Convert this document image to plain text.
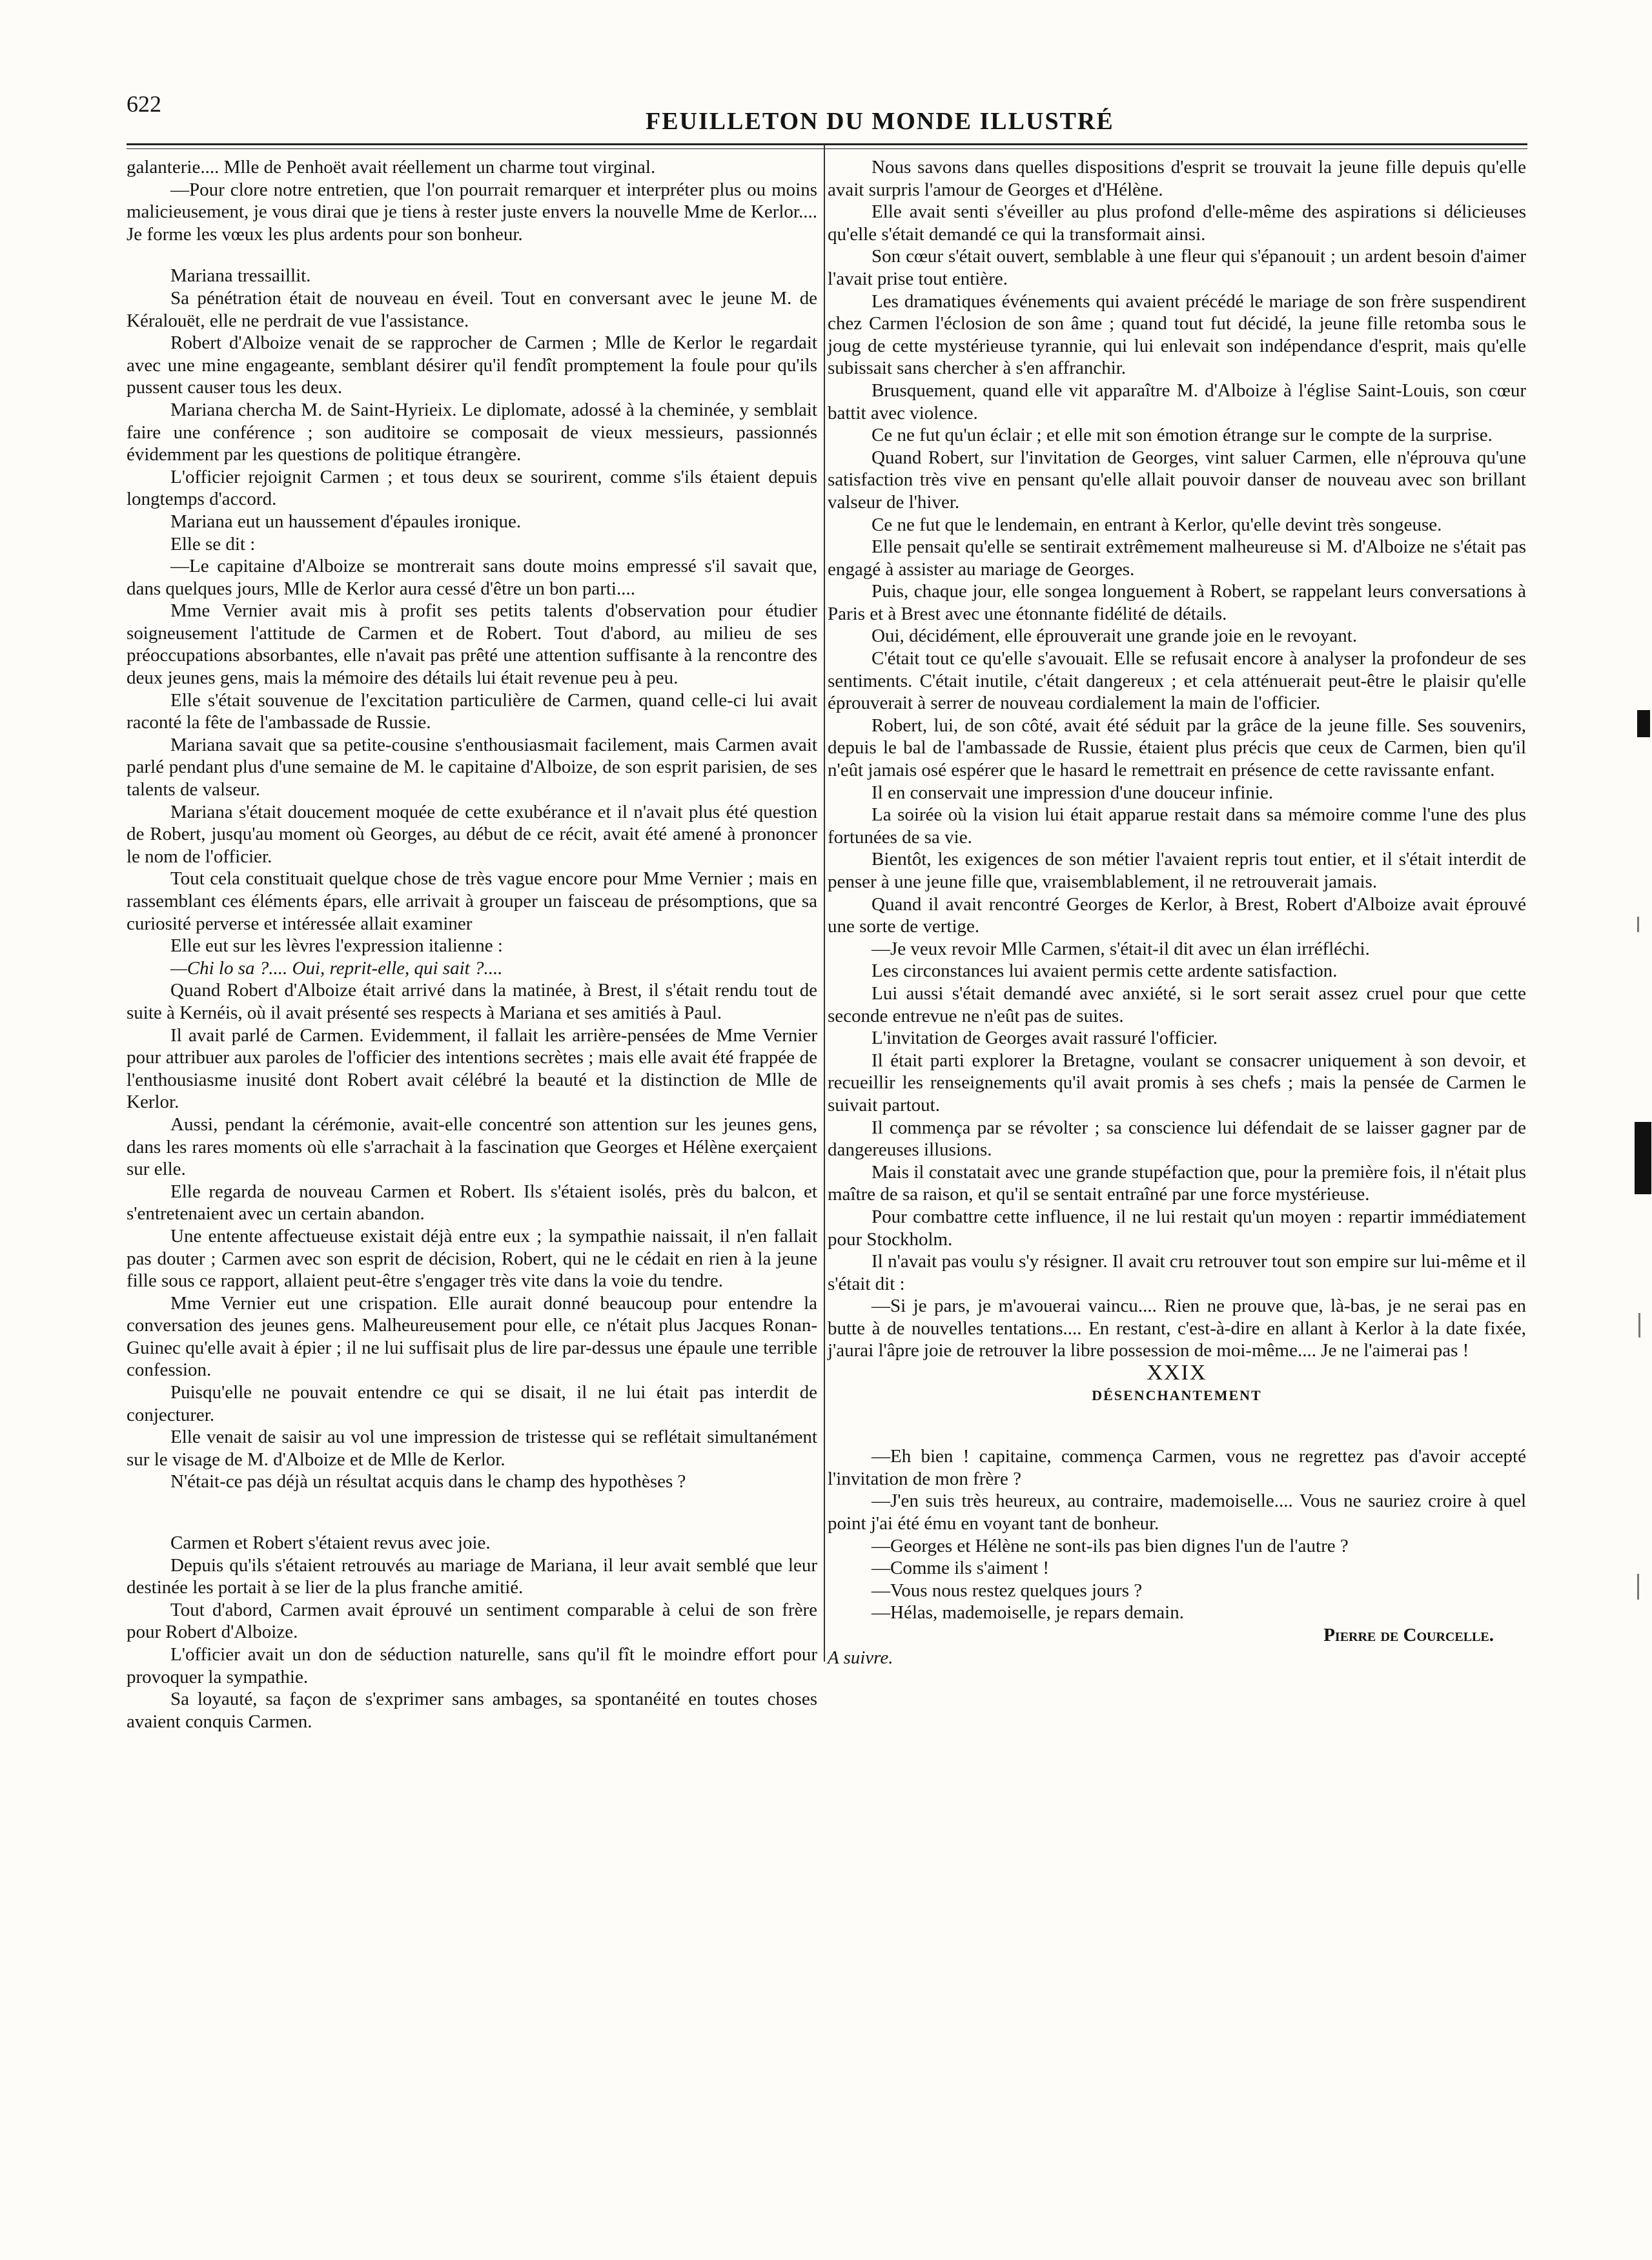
622
FEUILLETON DU MONDE ILLUSTRÉ

galanterie.... Mlle de Penhoët avait réellement un charme tout virginal.

—Pour clore notre entretien, que l'on pourrait remarquer et interpréter plus ou moins malicieusement, je vous dirai que je tiens à rester juste envers la nouvelle Mme de Kerlor.... Je forme les vœux les plus ardents pour son bonheur.

Mariana tressaillit.

Sa pénétration était de nouveau en éveil. Tout en conversant avec le jeune M. de Kéralouët, elle ne perdrait de vue l'assistance.

Robert d'Alboize venait de se rapprocher de Carmen ; Mlle de Kerlor le regardait avec une mine engageante, semblant désirer qu'il fendît promptement la foule pour qu'ils pussent causer tous les deux.

Mariana chercha M. de Saint-Hyrieix. Le diplomate, adossé à la cheminée, y semblait faire une conférence ; son auditoire se composait de vieux messieurs, passionnés évidemment par les questions de politique étrangère.

L'officier rejoignit Carmen ; et tous deux se sourirent, comme s'ils étaient depuis longtemps d'accord.

Mariana eut un haussement d'épaules ironique.

Elle se dit :

—Le capitaine d'Alboize se montrerait sans doute moins empressé s'il savait que, dans quelques jours, Mlle de Kerlor aura cessé d'être un bon parti....

Mme Vernier avait mis à profit ses petits talents d'observation pour étudier soigneusement l'attitude de Carmen et de Robert. Tout d'abord, au milieu de ses préoccupations absorbantes, elle n'avait pas prêté une attention suffisante à la rencontre des deux jeunes gens, mais la mémoire des détails lui était revenue peu à peu.

Elle s'était souvenue de l'excitation particulière de Carmen, quand celle-ci lui avait raconté la fête de l'ambassade de Russie.

Mariana savait que sa petite-cousine s'enthousiasmait facilement, mais Carmen avait parlé pendant plus d'une semaine de M. le capitaine d'Alboize, de son esprit parisien, de ses talents de valseur.

Mariana s'était doucement moquée de cette exubérance et il n'avait plus été question de Robert, jusqu'au moment où Georges, au début de ce récit, avait été amené à prononcer le nom de l'officier.

Tout cela constituait quelque chose de très vague encore pour Mme Vernier ; mais en rassemblant ces éléments épars, elle arrivait à grouper un faisceau de présomptions, que sa curiosité perverse et intéressée allait examiner

Elle eut sur les lèvres l'expression italienne :

—Chi lo sa ?.... Oui, reprit-elle, qui sait ?....

Quand Robert d'Alboize était arrivé dans la matinée, à Brest, il s'était rendu tout de suite à Kernéis, où il avait présenté ses respects à Mariana et ses amitiés à Paul.

Il avait parlé de Carmen. Evidemment, il fallait les arrière-pensées de Mme Vernier pour attribuer aux paroles de l'officier des intentions secrètes ; mais elle avait été frappée de l'enthousiasme inusité dont Robert avait célébré la beauté et la distinction de Mlle de Kerlor.

Aussi, pendant la cérémonie, avait-elle concentré son attention sur les jeunes gens, dans les rares moments où elle s'arrachait à la fascination que Georges et Hélène exerçaient sur elle.

Elle regarda de nouveau Carmen et Robert. Ils s'étaient isolés, près du balcon, et s'entretenaient avec un certain abandon.

Une entente affectueuse existait déjà entre eux ; la sympathie naissait, il n'en fallait pas douter ; Carmen avec son esprit de décision, Robert, qui ne le cédait en rien à la jeune fille sous ce rapport, allaient peut-être s'engager très vite dans la voie du tendre.

Mme Vernier eut une crispation. Elle aurait donné beaucoup pour entendre la conversation des jeunes gens. Malheureusement pour elle, ce n'était plus Jacques Ronan-Guinec qu'elle avait à épier ; il ne lui suffisait plus de lire par-dessus une épaule une terrible confession.

Puisqu'elle ne pouvait entendre ce qui se disait, il ne lui était pas interdit de conjecturer.

Elle venait de saisir au vol une impression de tristesse qui se reflétait simultanément sur le visage de M. d'Alboize et de Mlle de Kerlor.

N'était-ce pas déjà un résultat acquis dans le champ des hypothèses ?

Carmen et Robert s'étaient revus avec joie.

Depuis qu'ils s'étaient retrouvés au mariage de Mariana, il leur avait semblé que leur destinée les portait à se lier de la plus franche amitié.

Tout d'abord, Carmen avait éprouvé un sentiment comparable à celui de son frère pour Robert d'Alboize.

L'officier avait un don de séduction naturelle, sans qu'il fît le moindre effort pour provoquer la sympathie.

Sa loyauté, sa façon de s'exprimer sans ambages, sa spontanéité en toutes choses avaient conquis Carmen.

Nous savons dans quelles dispositions d'esprit se trouvait la jeune fille depuis qu'elle avait surpris l'amour de Georges et d'Hélène.

Elle avait senti s'éveiller au plus profond d'elle-même des aspirations si délicieuses qu'elle s'était demandé ce qui la transformait ainsi.

Son cœur s'était ouvert, semblable à une fleur qui s'épanouit ; un ardent besoin d'aimer l'avait prise tout entière.

Les dramatiques événements qui avaient précédé le mariage de son frère suspendirent chez Carmen l'éclosion de son âme ; quand tout fut décidé, la jeune fille retomba sous le joug de cette mystérieuse tyrannie, qui lui enlevait son indépendance d'esprit, mais qu'elle subissait sans chercher à s'en affranchir.

Brusquement, quand elle vit apparaître M. d'Alboize à l'église Saint-Louis, son cœur battit avec violence.

Ce ne fut qu'un éclair ; et elle mit son émotion étrange sur le compte de la surprise.

Quand Robert, sur l'invitation de Georges, vint saluer Carmen, elle n'éprouva qu'une satisfaction très vive en pensant qu'elle allait pouvoir danser de nouveau avec son brillant valseur de l'hiver.

Ce ne fut que le lendemain, en entrant à Kerlor, qu'elle devint très songeuse.

Elle pensait qu'elle se sentirait extrêmement malheureuse si M. d'Alboize ne s'était pas engagé à assister au mariage de Georges.

Puis, chaque jour, elle songea longuement à Robert, se rappelant leurs conversations à Paris et à Brest avec une étonnante fidélité de détails.

Oui, décidément, elle éprouverait une grande joie en le revoyant.

C'était tout ce qu'elle s'avouait. Elle se refusait encore à analyser la profondeur de ses sentiments. C'était inutile, c'était dangereux ; et cela atténuerait peut-être le plaisir qu'elle éprouverait à serrer de nouveau cordialement la main de l'officier.

Robert, lui, de son côté, avait été séduit par la grâce de la jeune fille. Ses souvenirs, depuis le bal de l'ambassade de Russie, étaient plus précis que ceux de Carmen, bien qu'il n'eût jamais osé espérer que le hasard le remettrait en présence de cette ravissante enfant.

Il en conservait une impression d'une douceur infinie.

La soirée où la vision lui était apparue restait dans sa mémoire comme l'une des plus fortunées de sa vie.

Bientôt, les exigences de son métier l'avaient repris tout entier, et il s'était interdit de penser à une jeune fille que, vraisemblablement, il ne retrouverait jamais.

Quand il avait rencontré Georges de Kerlor, à Brest, Robert d'Alboize avait éprouvé une sorte de vertige.

—Je veux revoir Mlle Carmen, s'était-il dit avec un élan irréfléchi.

Les circonstances lui avaient permis cette ardente satisfaction.

Lui aussi s'était demandé avec anxiété, si le sort serait assez cruel pour que cette seconde entrevue ne n'eût pas de suites.

L'invitation de Georges avait rassuré l'officier.

Il était parti explorer la Bretagne, voulant se consacrer uniquement à son devoir, et recueillir les renseignements qu'il avait promis à ses chefs ; mais la pensée de Carmen le suivait partout.

Il commença par se révolter ; sa conscience lui défendait de se laisser gagner par de dangereuses illusions.

Mais il constatait avec une grande stupéfaction que, pour la première fois, il n'était plus maître de sa raison, et qu'il se sentait entraîné par une force mystérieuse.

Pour combattre cette influence, il ne lui restait qu'un moyen : repartir immédiatement pour Stockholm.

Il n'avait pas voulu s'y résigner. Il avait cru retrouver tout son empire sur lui-même et il s'était dit :

—Si je pars, je m'avouerai vaincu.... Rien ne prouve que, là-bas, je ne serai pas en butte à de nouvelles tentations.... En restant, c'est-à-dire en allant à Kerlor à la date fixée, j'aurai l'âpre joie de retrouver la libre possession de moi-même.... Je ne l'aimerai pas !

XXIX

DÉSENCHANTEMENT

—Eh bien ! capitaine, commença Carmen, vous ne regrettez pas d'avoir accepté l'invitation de mon frère ?

—J'en suis très heureux, au contraire, mademoiselle.... Vous ne sauriez croire à quel point j'ai été ému en voyant tant de bonheur.

—Georges et Hélène ne sont-ils pas bien dignes l'un de l'autre ?

—Comme ils s'aiment !

—Vous nous restez quelques jours ?

—Hélas, mademoiselle, je repars demain.

Pierre de Courcelle.

A suivre.
